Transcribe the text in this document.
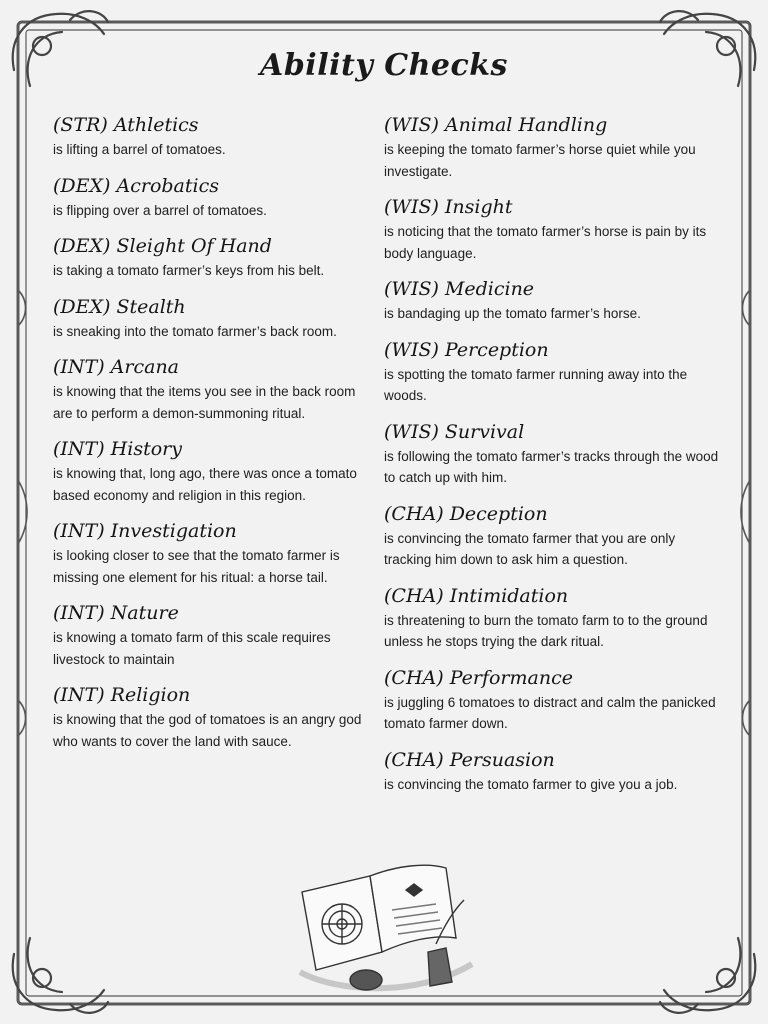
Ability Checks
(STR) Athletics
is lifting a barrel of tomatoes.
(DEX) Acrobatics
is flipping over a barrel of tomatoes.
(DEX) Sleight Of Hand
is taking a tomato farmer’s keys from his belt.
(DEX) Stealth
is sneaking into the tomato farmer’s back room.
(INT) Arcana
is knowing that the items you see in the back room are to perform a demon-summoning ritual.
(INT) History
is knowing that, long ago, there was once a tomato based economy and religion in this region.
(INT) Investigation
is looking closer to see that the tomato farmer is missing one element for his ritual: a horse tail.
(INT) Nature
is knowing a tomato farm of this scale requires livestock to maintain
(INT) Religion
is knowing that the god of tomatoes is an angry god who wants to cover the land with sauce.
(WIS) Animal Handling
is keeping the tomato farmer’s horse quiet while you investigate.
(WIS) Insight
is noticing that the tomato farmer’s horse is pain by its body language.
(WIS) Medicine
is bandaging up the tomato farmer’s horse.
(WIS) Perception
is spotting the tomato farmer running away into the woods.
(WIS) Survival
is following the tomato farmer’s tracks through the wood to catch up with him.
(CHA) Deception
is convincing the tomato farmer that you are only tracking him down to ask him a question.
(CHA) Intimidation
is threatening to burn the tomato farm to to the ground unless he stops trying the dark ritual.
(CHA) Performance
is juggling 6 tomatoes to distract and calm the panicked tomato farmer down.
(CHA) Persuasion
is convincing the tomato farmer to give you a job.
